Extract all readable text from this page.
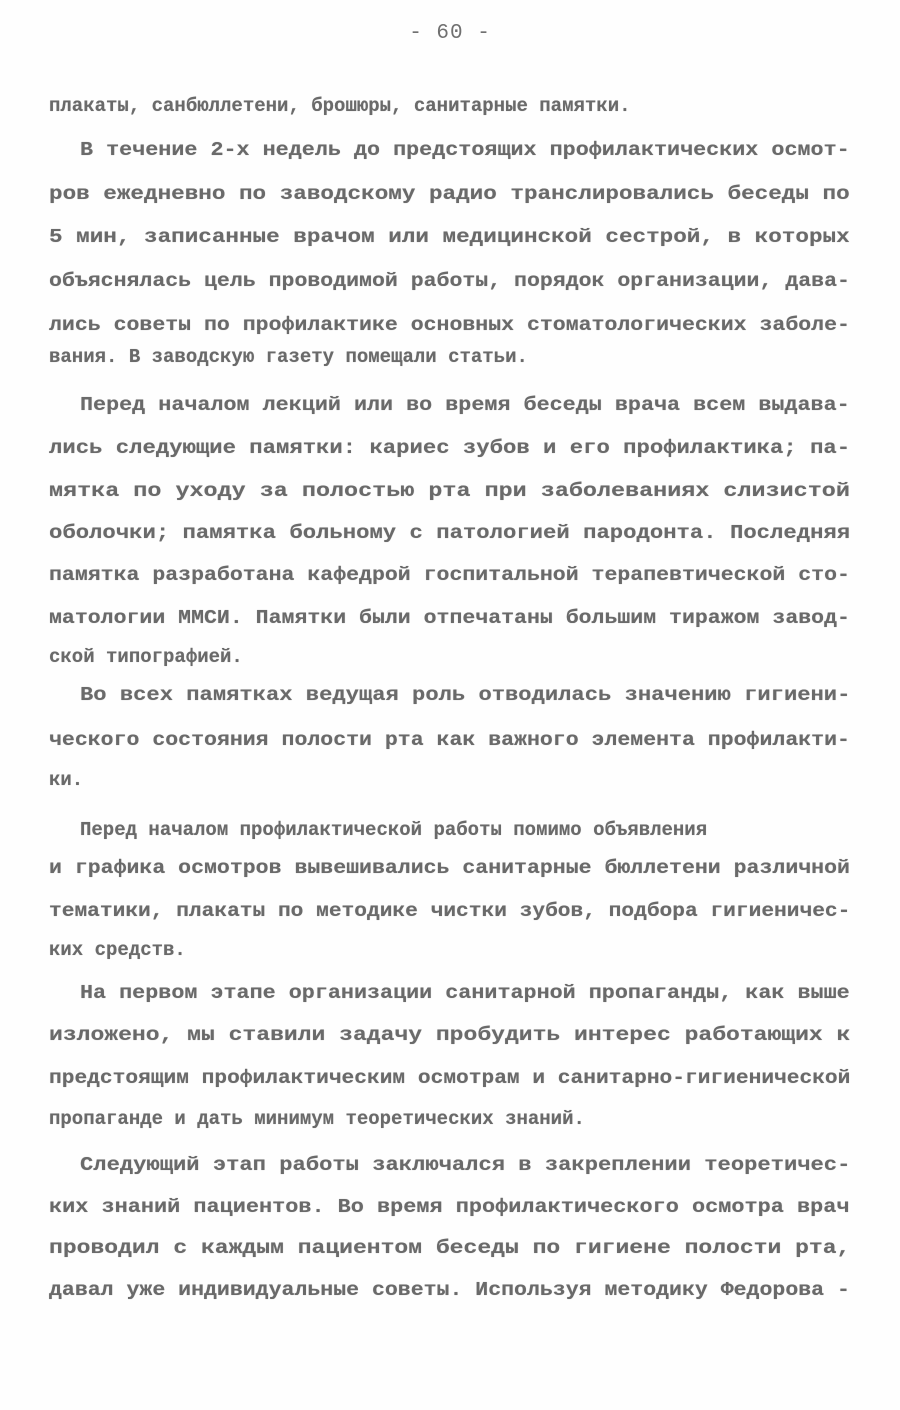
- 60 -
плакаты, санбюллетени, брошюры, санитарные памятки.
В течение 2-х недель до предстоящих профилактических осмот-
ров ежедневно по заводскому радио транслировались беседы по
5 мин, записанные врачом или медицинской сестрой, в которых
объяснялась цель проводимой работы, порядок организации, дава-
лись советы по профилактике основных стоматологических заболе-
вания. В заводскую газету помещали статьи.
Перед началом лекций или во время беседы врача всем выдава-
лись следующие памятки: кариес зубов и его профилактика; па-
мятка по уходу за полостью рта при заболеваниях слизистой
оболочки; памятка больному с патологией пародонта. Последняя
памятка разработана кафедрой госпитальной терапевтической сто-
матологии ММСИ. Памятки были отпечатаны большим тиражом завод-
ской типографией.
Во всех памятках ведущая роль отводилась значению гигиени-
ческого состояния полости рта как важного элемента профилакти-
ки.
Перед началом профилактической работы помимо объявления
и графика осмотров вывешивались санитарные бюллетени различной
тематики, плакаты по методике чистки зубов, подбора гигиеничес-
ких средств.
На первом этапе организации санитарной пропаганды, как выше
изложено, мы ставили задачу пробудить интерес работающих к
предстоящим профилактическим осмотрам и санитарно-гигиенической
пропаганде и дать минимум теоретических знаний.
Следующий этап работы заключался в закреплении теоретичес-
ких знаний пациентов. Во время профилактического осмотра врач
проводил с каждым пациентом беседы по гигиене полости рта,
давал уже индивидуальные советы. Используя методику Федорова -
